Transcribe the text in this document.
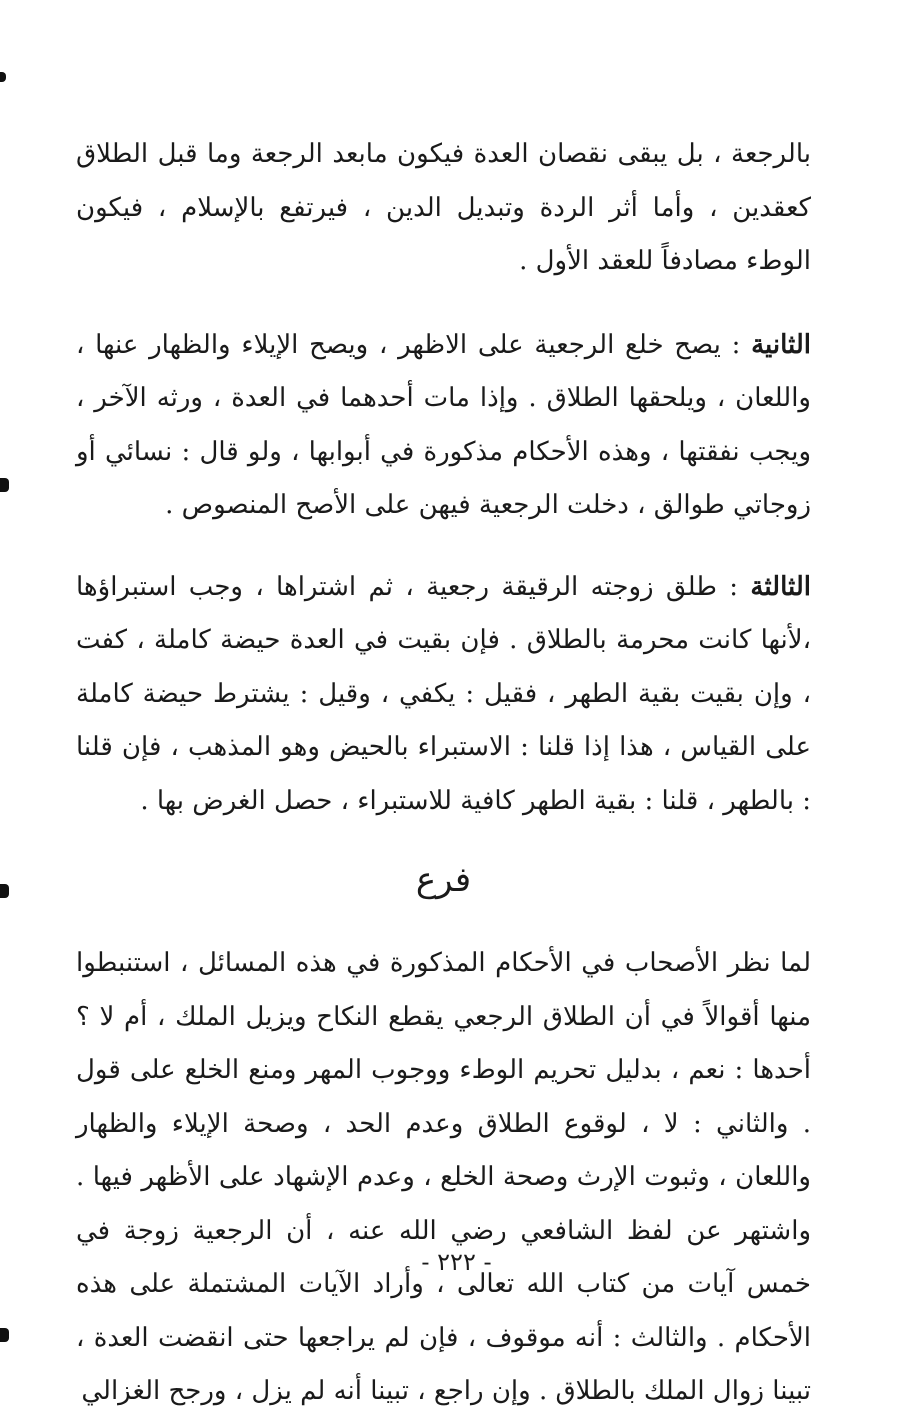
بالرجعة ، بل يبقى نقصان العدة فيكون مابعد الرجعة وما قبل الطلاق كعقدين ، وأما أثر الردة وتبديل الدين ، فيرتفع بالإسلام ، فيكون الوطء مصادفاً للعقد الأول .

الثانية : يصح خلع الرجعية على الاظهر ، ويصح الإيلاء والظهار عنها ، واللعان ، ويلحقها الطلاق . وإذا مات أحدهما في العدة ، ورثه الآخر ، ويجب نفقتها ، وهذه الأحكام مذكورة في أبوابها ، ولو قال : نسائي أو زوجاتي طوالق ، دخلت الرجعية فيهن على الأصح المنصوص .

الثالثة : طلق زوجته الرقيقة رجعية ، ثم اشتراها ، وجب استبراؤها ،لأنها كانت محرمة بالطلاق . فإن بقيت في العدة حيضة كاملة ، كفت ، وإن بقيت بقية الطهر ، فقيل : يكفي ، وقيل : يشترط حيضة كاملة على القياس ، هذا إذا قلنا : الاستبراء بالحيض وهو المذهب ، فإن قلنا : بالطهر ، قلنا : بقية الطهر كافية للاستبراء ، حصل الغرض بها .

فرع

لما نظر الأصحاب في الأحكام المذكورة في هذه المسائل ، استنبطوا منها أقوالاً في أن الطلاق الرجعي يقطع النكاح ويزيل الملك ، أم لا ؟ أحدها : نعم ، بدليل تحريم الوطء ووجوب المهر ومنع الخلع على قول . والثاني : لا ، لوقوع الطلاق وعدم الحد ، وصحة الإيلاء والظهار واللعان ، وثبوت الإرث وصحة الخلع ، وعدم الإشهاد على الأظهر فيها . واشتهر عن لفظ الشافعي رضي الله عنه ، أن الرجعية زوجة في خمس آيات من كتاب الله تعالى ، وأراد الآيات المشتملة على هذه الأحكام . والثالث : أنه موقوف ، فإن لم يراجعها حتى انقضت العدة ، تبينا زوال الملك بالطلاق . وإن راجع ، تبينا أنه لم يزل ، ورجح الغزالي

- ٢٢٢ -
